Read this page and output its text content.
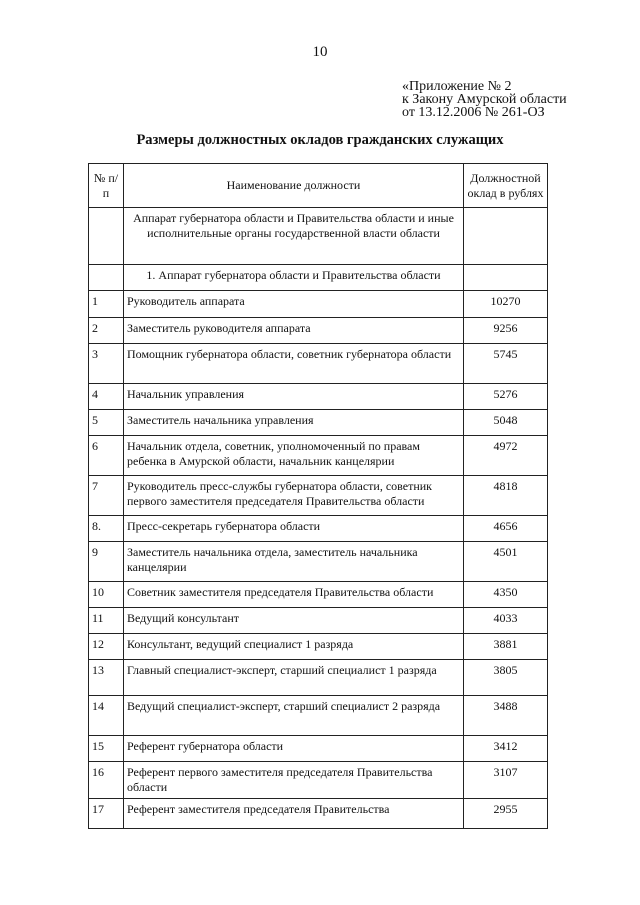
10
«Приложение № 2
к Закону Амурской области
от 13.12.2006 № 261-ОЗ
Размеры должностных окладов гражданских служащих
№ п/п	Наименование должности	Должностной оклад в рублях
	Аппарат губернатора области и Правительства области и иные исполнительные органы государственной власти области	
	1. Аппарат губернатора области и Правительства области	
1	Руководитель аппарата	10270
2	Заместитель руководителя аппарата	9256
3	Помощник губернатора области, советник губернатора области	5745
4	Начальник управления	5276
5	Заместитель начальника управления	5048
6	Начальник отдела, советник, уполномоченный по правам ребенка в Амурской области, начальник канцелярии	4972
7	Руководитель пресс-службы губернатора области, советник первого заместителя председателя Правительства области	4818
8.	Пресс-секретарь губернатора области	4656
9	Заместитель начальника отдела, заместитель начальника канцелярии	4501
10	Советник заместителя председателя Правительства области	4350
11	Ведущий консультант	4033
12	Консультант, ведущий специалист 1 разряда	3881
13	Главный специалист-эксперт, старший специалист 1 разряда	3805
14	Ведущий специалист-эксперт, старший специалист 2 разряда	3488
15	Референт губернатора области	3412
16	Референт первого заместителя председателя Правительства области	3107
17	Референт заместителя председателя Правительства	2955
